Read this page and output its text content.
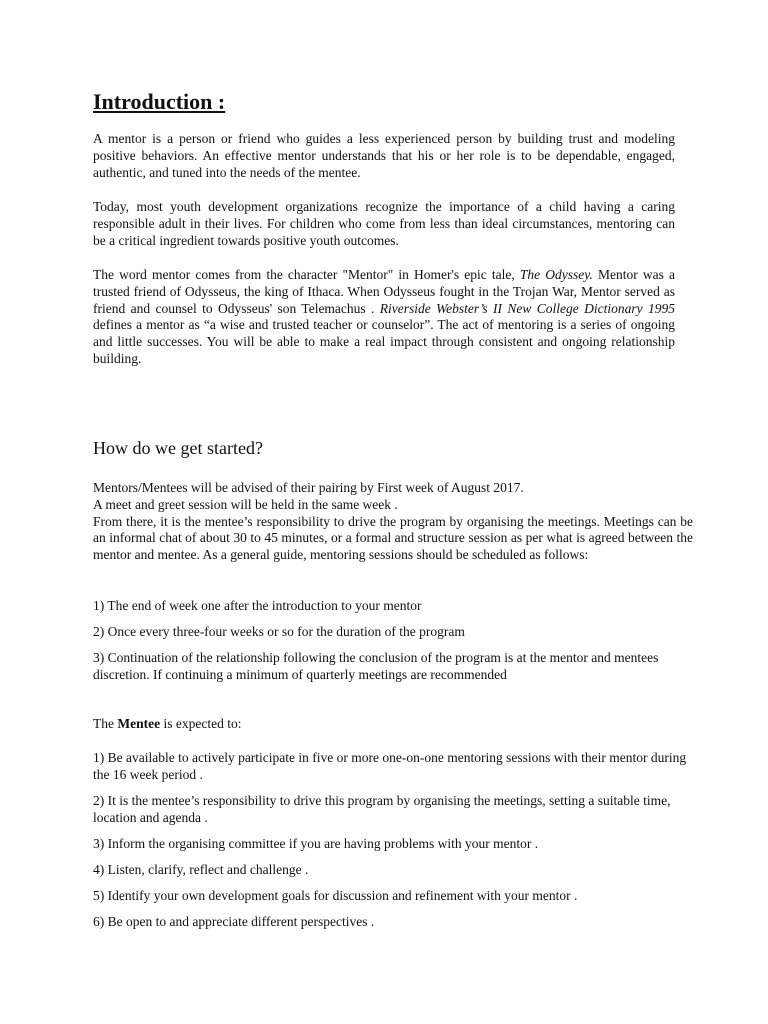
Introduction :

A mentor is a person or friend who guides a less experienced person by building trust and modeling positive behaviors. An effective mentor understands that his or her role is to be dependable, engaged, authentic, and tuned into the needs of the mentee.

Today, most youth development organizations recognize the importance of a child having a caring responsible adult in their lives. For children who come from less than ideal circumstances, mentoring can be a critical ingredient towards positive youth outcomes.

The word mentor comes from the character "Mentor" in Homer's epic tale, The Odyssey. Mentor was a trusted friend of Odysseus, the king of Ithaca. When Odysseus fought in the Trojan War, Mentor served as friend and counsel to Odysseus' son Telemachus . Riverside Webster’s II New College Dictionary 1995 defines a mentor as “a wise and trusted teacher or counselor”. The act of mentoring is a series of ongoing and little successes. You will be able to make a real impact through consistent and ongoing relationship building.

How do we get started?
Mentors/Mentees will be advised of their pairing by First week of August 2017.
A meet and greet session will be held in the same week .
From there, it is the mentee’s responsibility to drive the program by organising the meetings. Meetings can be an informal chat of about 30 to 45 minutes, or a formal and structure session as per what is agreed between the mentor and mentee. As a general guide, mentoring sessions should be scheduled as follows:

1) The end of week one after the introduction to your mentor

2) Once every three-four weeks or so for the duration of the program

3) Continuation of the relationship following the conclusion of the program is at the mentor and mentees discretion. If continuing a minimum of quarterly meetings are recommended

The Mentee is expected to:

1) Be available to actively participate in five or more one-on-one mentoring sessions with their mentor during the 16 week period .

2) It is the mentee’s responsibility to drive this program by organising the meetings, setting a suitable time, location and agenda .

3) Inform the organising committee if you are having problems with your mentor .

4) Listen, clarify, reflect and challenge .

5) Identify your own development goals for discussion and refinement with your mentor .

6) Be open to and appreciate different perspectives .
